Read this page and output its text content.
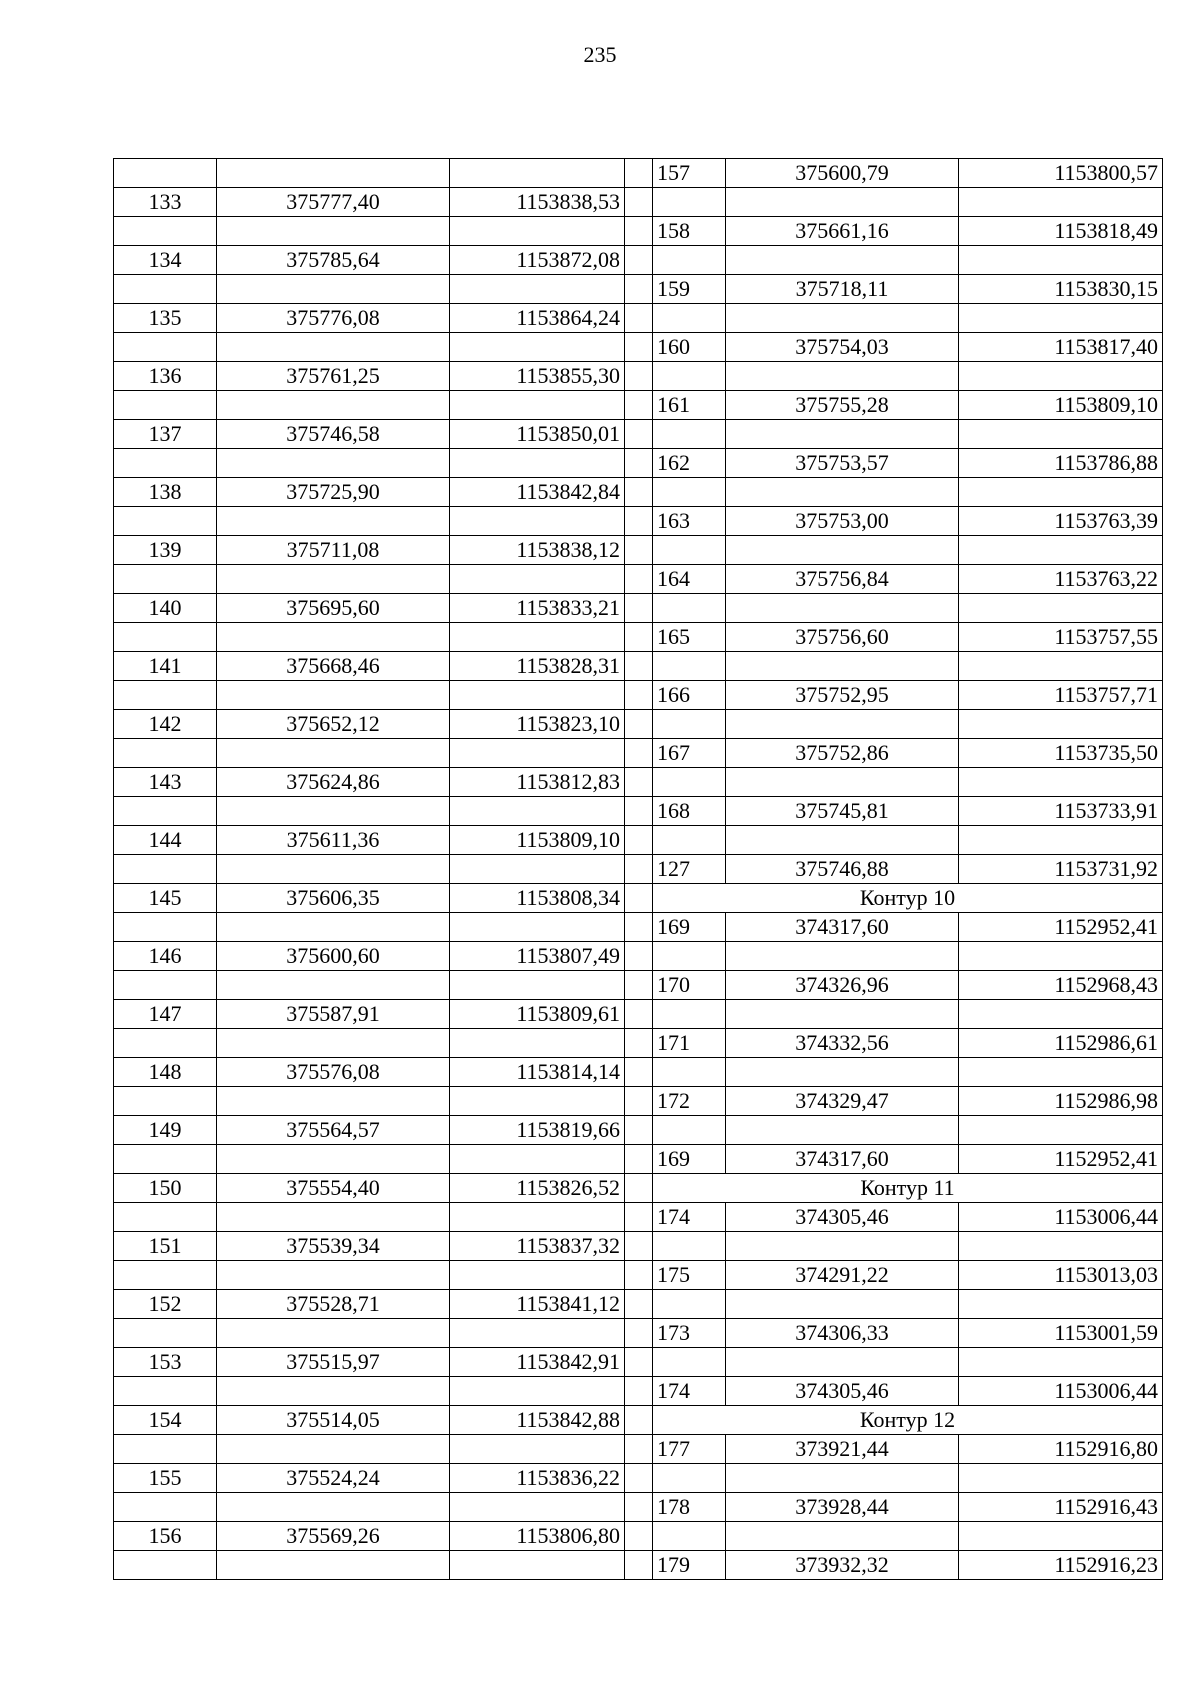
235
				157	375600,79	1153800,57
133	375777,40	1153838,53				
				158	375661,16	1153818,49
134	375785,64	1153872,08				
				159	375718,11	1153830,15
135	375776,08	1153864,24				
				160	375754,03	1153817,40
136	375761,25	1153855,30				
				161	375755,28	1153809,10
137	375746,58	1153850,01				
				162	375753,57	1153786,88
138	375725,90	1153842,84				
				163	375753,00	1153763,39
139	375711,08	1153838,12				
				164	375756,84	1153763,22
140	375695,60	1153833,21				
				165	375756,60	1153757,55
141	375668,46	1153828,31				
				166	375752,95	1153757,71
142	375652,12	1153823,10				
				167	375752,86	1153735,50
143	375624,86	1153812,83				
				168	375745,81	1153733,91
144	375611,36	1153809,10				
				127	375746,88	1153731,92
145	375606,35	1153808,34		Контур 10		
				169	374317,60	1152952,41
146	375600,60	1153807,49				
				170	374326,96	1152968,43
147	375587,91	1153809,61				
				171	374332,56	1152986,61
148	375576,08	1153814,14				
				172	374329,47	1152986,98
149	375564,57	1153819,66				
				169	374317,60	1152952,41
150	375554,40	1153826,52		Контур 11		
				174	374305,46	1153006,44
151	375539,34	1153837,32				
				175	374291,22	1153013,03
152	375528,71	1153841,12				
				173	374306,33	1153001,59
153	375515,97	1153842,91				
				174	374305,46	1153006,44
154	375514,05	1153842,88		Контур 12		
				177	373921,44	1152916,80
155	375524,24	1153836,22				
				178	373928,44	1152916,43
156	375569,26	1153806,80				
				179	373932,32	1152916,23
